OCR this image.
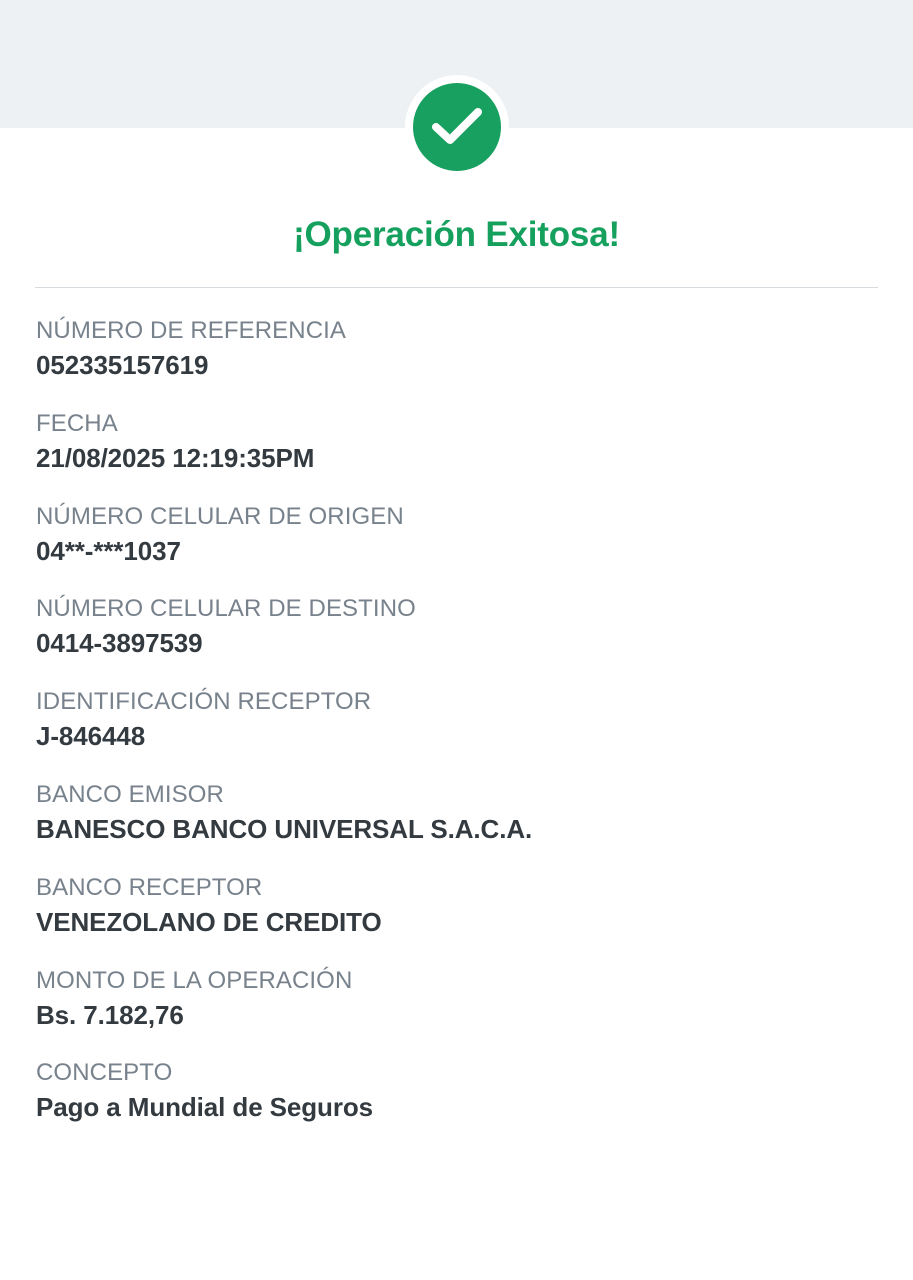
¡Operación Exitosa!
NÚMERO DE REFERENCIA
052335157619
FECHA
21/08/2025 12:19:35PM
NÚMERO CELULAR DE ORIGEN
04**-***1037
NÚMERO CELULAR DE DESTINO
0414-3897539
IDENTIFICACIÓN RECEPTOR
J-846448
BANCO EMISOR
BANESCO BANCO UNIVERSAL S.A.C.A.
BANCO RECEPTOR
VENEZOLANO DE CREDITO
MONTO DE LA OPERACIÓN
Bs. 7.182,76
CONCEPTO
Pago a Mundial de Seguros
